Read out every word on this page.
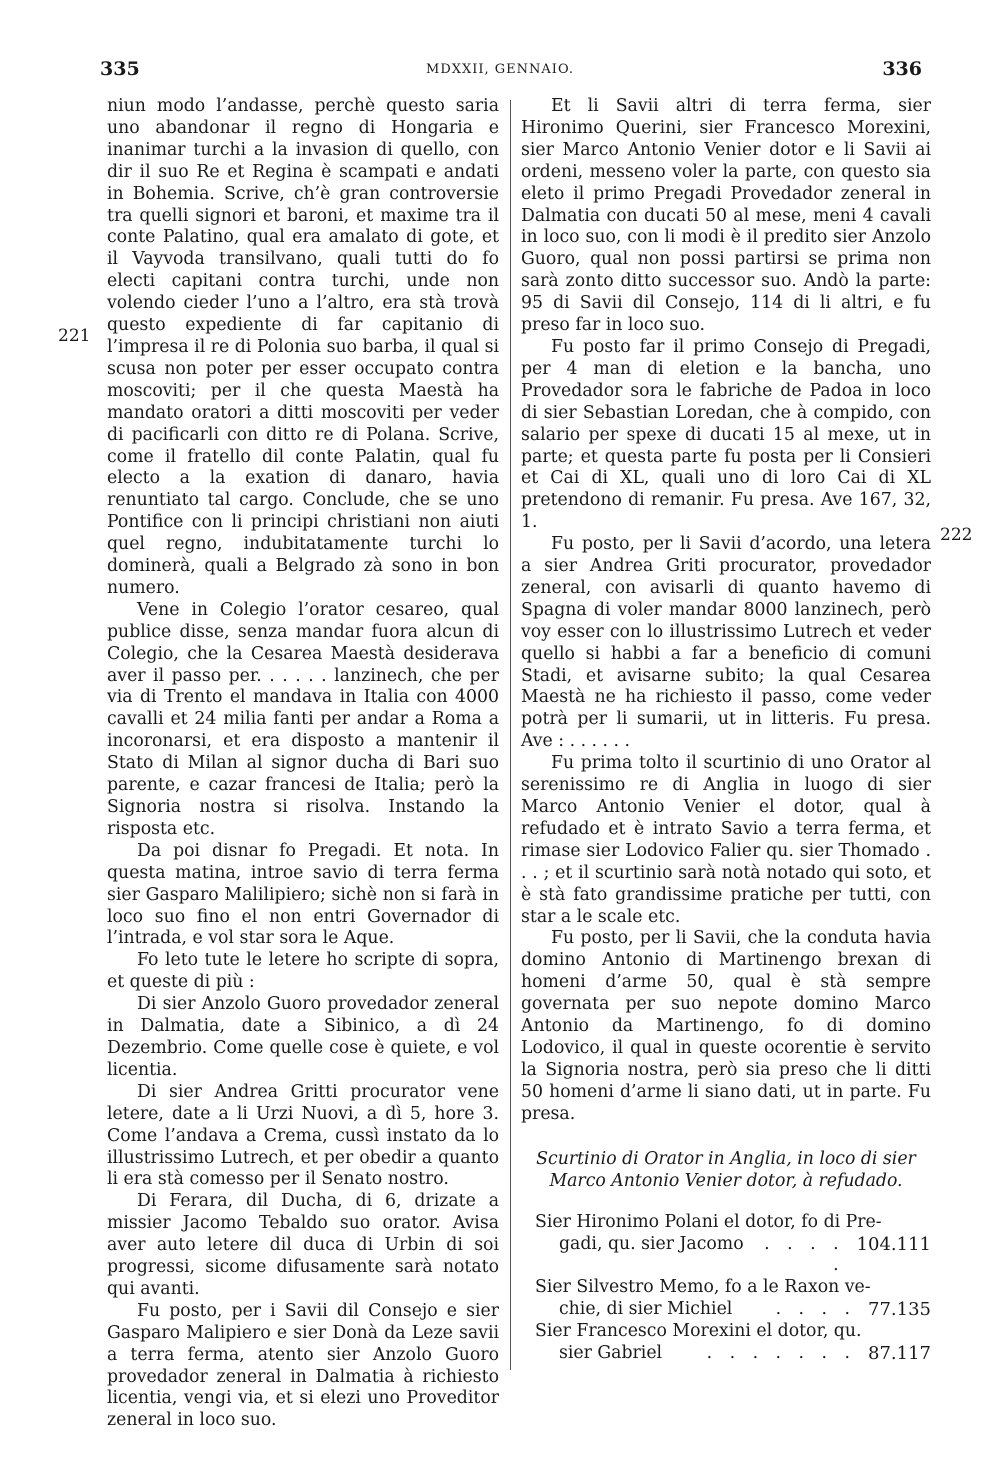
335	MDXXII, GENNAIO.	336
221
222

niun modo l’andasse, perchè questo saria uno abandonar il regno di Hongaria e inanimar turchi a la invasion di quello, con dir il suo Re et Regina è scampati e andati in Bohemia. Scrive, ch’è gran controversie tra quelli signori et baroni, et maxime tra il conte Palatino, qual era amalato di gote, et il Vayvoda transilvano, quali tutti do fo electi capitani contra turchi, unde non volendo cieder l’uno a l’altro, era stà trovà questo expediente di far capitanio di l’impresa il re di Polonia suo barba, il qual si scusa non poter per esser occupato contra moscoviti; per il che questa Maestà ha mandato oratori a ditti moscoviti per veder di pacificarli con ditto re di Polana. Scrive, come il fratello dil conte Palatin, qual fu electo a la exation di danaro, havia renuntiato tal cargo. Conclude, che se uno Pontifice con li principi christiani non aiuti quel regno, indubitatamente turchi lo dominerà, quali a Belgrado zà sono in bon numero.

Vene in Colegio l’orator cesareo, qual publice disse, senza mandar fuora alcun di Colegio, che la Cesarea Maestà desiderava aver il passo per. . . . . . lanzinech, che per via di Trento el mandava in Italia con 4000 cavalli et 24 milia fanti per andar a Roma a incoronarsi, et era disposto a mantenir il Stato di Milan al signor ducha di Bari suo parente, e cazar francesi de Italia; però la Signoria nostra si risolva. Instando la risposta etc.

Da poi disnar fo Pregadi. Et nota. In questa matina, introe savio di terra ferma sier Gasparo Malilipiero; sichè non si farà in loco suo fino el non entri Governador di l’intrada, e vol star sora le Aque.

Fo leto tute le letere ho scripte di sopra, et queste di più :

Di sier Anzolo Guoro provedador zeneral in Dalmatia, date a Sibinico, a dì 24 Dezembrio. Come quelle cose è quiete, e vol licentia.

Di sier Andrea Gritti procurator vene letere, date a li Urzi Nuovi, a dì 5, hore 3. Come l’andava a Crema, cussì instato da lo illustrissimo Lutrech, et per obedir a quanto li era stà comesso per il Senato nostro.

Di Ferara, dil Ducha, di 6, drizate a missier Jacomo Tebaldo suo orator. Avisa aver auto letere dil duca di Urbin di soi progressi, sicome difusamente sarà notato qui avanti.

Fu posto, per i Savii dil Consejo e sier Gasparo Malipiero e sier Donà da Leze savii a terra ferma, atento sier Anzolo Guoro provedador zeneral in Dalmatia à richiesto licentia, vengi via, et si elezi uno Proveditor zeneral in loco suo.

Et li Savii altri di terra ferma, sier Hironimo Querini, sier Francesco Morexini, sier Marco Antonio Venier dotor e li Savii ai ordeni, messeno voler la parte, con questo sia eleto il primo Pregadi Provedador zeneral in Dalmatia con ducati 50 al mese, meni 4 cavali in loco suo, con li modi è il predito sier Anzolo Guoro, qual non possi partirsi se prima non sarà zonto ditto successor suo. Andò la parte: 95 di Savii dil Consejo, 114 di li altri, e fu preso far in loco suo.

Fu posto far il primo Consejo di Pregadi, per 4 man di eletion e la bancha, uno Provedador sora le fabriche de Padoa in loco di sier Sebastian Loredan, che à compido, con salario per spexe di ducati 15 al mexe, ut in parte; et questa parte fu posta per li Consieri et Cai di XL, quali uno di loro Cai di XL pretendono di remanir. Fu presa. Ave 167, 32, 1.

Fu posto, per li Savii d’acordo, una letera a sier Andrea Griti procurator, provedador zeneral, con avisarli di quanto havemo di Spagna di voler mandar 8000 lanzinech, però voy esser con lo illustrissimo Lutrech et veder quello si habbi a far a beneficio di comuni Stadi, et avisarne subito; la qual Cesarea Maestà ne ha richiesto il passo, come veder potrà per li sumarii, ut in litteris. Fu presa. Ave : . . . . . .

Fu prima tolto il scurtinio di uno Orator al serenissimo re di Anglia in luogo di sier Marco Antonio Venier el dotor, qual à refudado et è intrato Savio a terra ferma, et rimase sier Lodovico Falier qu. sier Thomado . . . ; et il scurtinio sarà notà notado qui soto, et è stà fato grandissime pratiche per tutti, con star a le scale etc.

Fu posto, per li Savii, che la conduta havia domino Antonio di Martinengo brexan di homeni d’arme 50, qual è stà sempre governata per suo nepote domino Marco Antonio da Martinengo, fo di domino Lodovico, il qual in queste ocorentie è servito la Signoria nostra, però sia preso che li ditti 50 homeni d’arme li siano dati, ut in parte. Fu presa.

Scurtinio di Orator in Anglia, in loco di sier Marco Antonio Venier dotor, à refudado.

Sier Hironimo Polani el dotor, fo di Pre-
gadi, qu. sier Jacomo	. . . . .
104.111
Sier Silvestro Memo, fo a le Raxon ve-
chie, di sier Michiel	. . . . 77.135
Sier Francesco Morexini el dotor, qu.
sier Gabriel	. . . . . . . 87.117
